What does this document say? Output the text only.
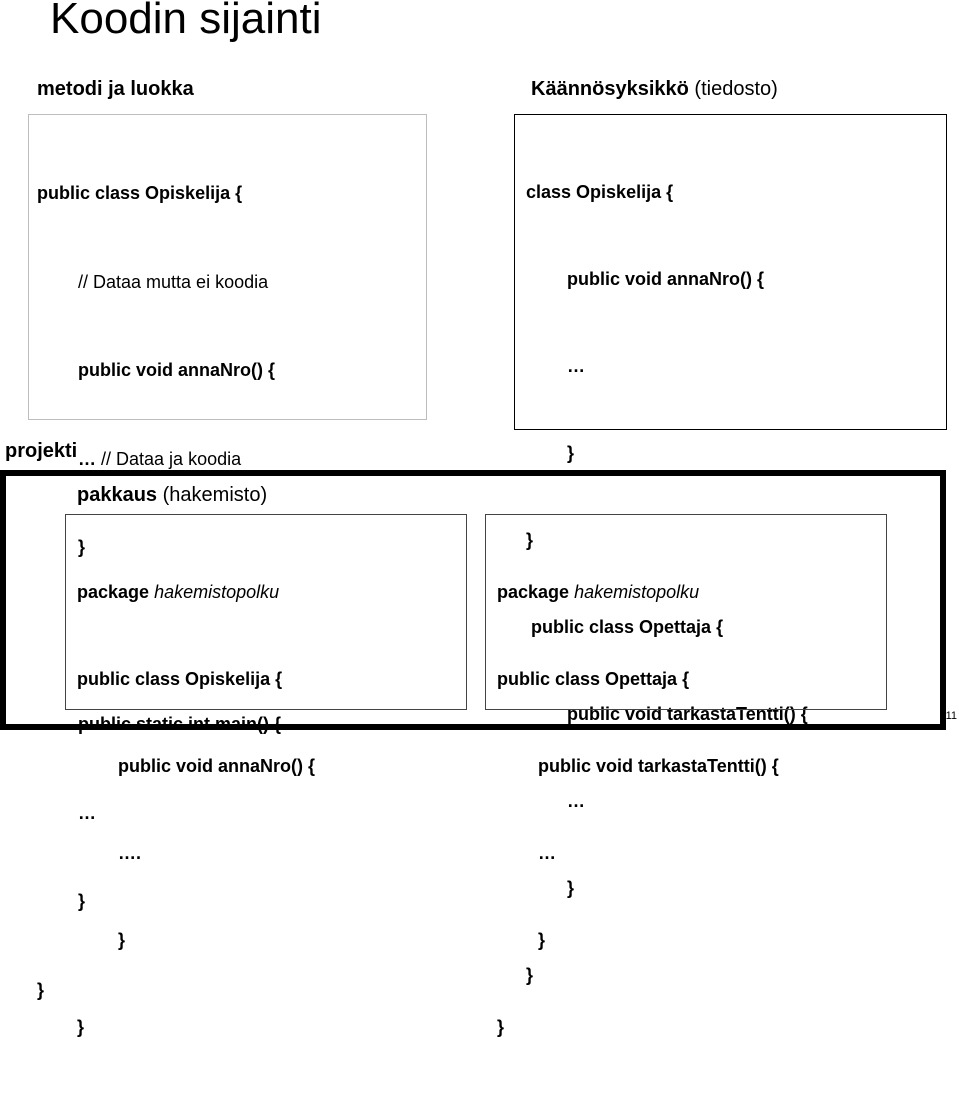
Koodin sijainti
metodi ja luokka

public class Opiskelija {

// Dataa mutta ei koodia

public void annaNro() {

… // Dataa ja koodia

}

public static int main() {

…

}

}

Käännösyksikkö (tiedosto)

class Opiskelija {

public void annaNro() {

…

}

}

public class Opettaja {

public void tarkastaTentti() {

…

}

}

projekti
pakkaus (hakemisto)

package hakemistopolku

public class Opiskelija {

public void annaNro() {

….

}

}

package hakemistopolku

public class Opettaja {

public void tarkastaTentti() {

…

}

}

11
